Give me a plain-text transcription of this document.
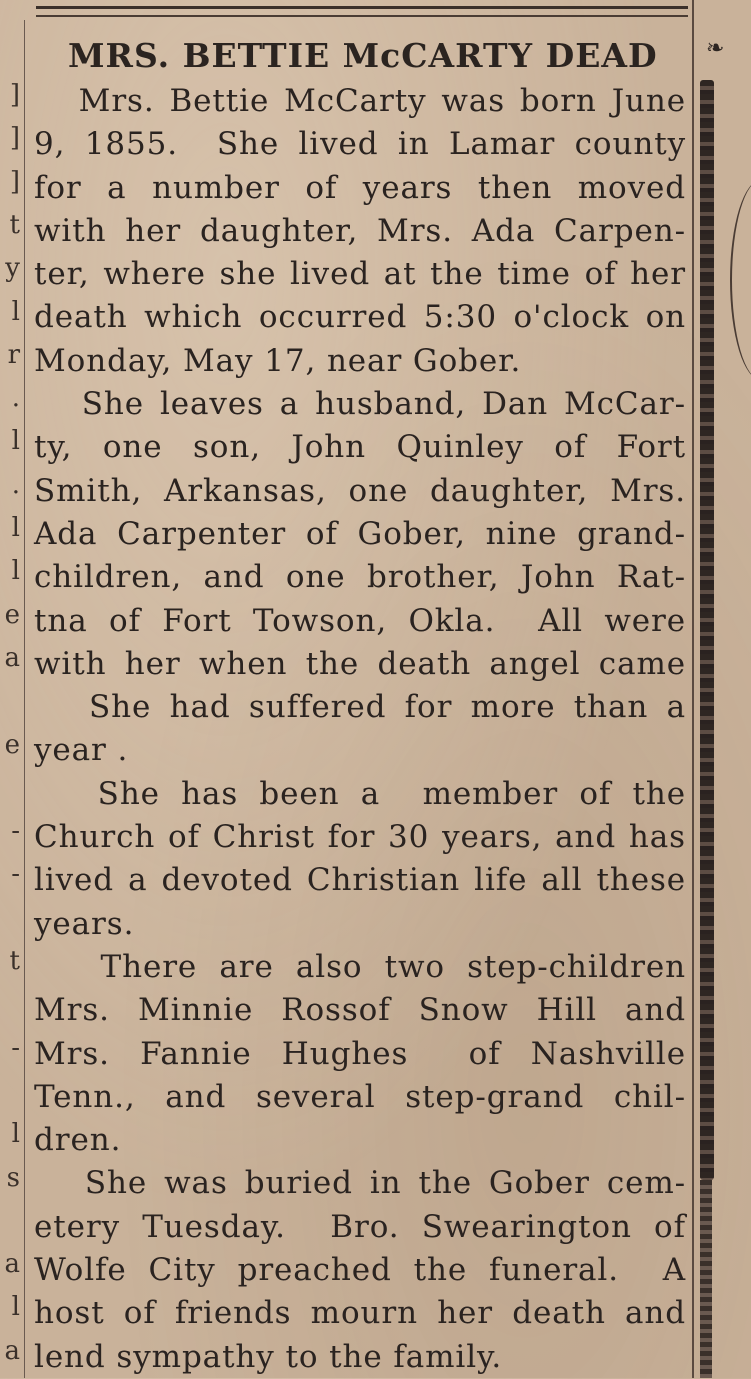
]
]
]
t
y
l
r
.
l
.
l
l
e
a
e
-
-
t
-
l
s
a
l
a
❧
MRS. BETTIE McCARTY DEAD
Mrs. Bettie McCarty was born June
9, 1855.  She lived in Lamar county
for a number of years then moved
with her daughter, Mrs. Ada Carpen-
ter, where she lived at the time of her
death which occurred 5:30 o'clock on
Monday, May 17, near Gober.
She leaves a husband, Dan McCar-
ty, one son, John Quinley of Fort
Smith, Arkansas, one daughter, Mrs.
Ada Carpenter of Gober, nine grand-
children, and one brother, John Rat-
tna of Fort Towson, Okla.  All were
with her when the death angel came
She had suffered for more than a
year .
She has been a  member of the
Church of Christ for 30 years, and has
lived a devoted Christian life all these
years.
There are also two step-children
Mrs. Minnie Rossof Snow Hill and
Mrs. Fannie Hughes  of Nashville
Tenn., and several step-grand chil-
dren.
She was buried in the Gober cem-
etery Tuesday.  Bro. Swearington of
Wolfe City preached the funeral.  A
host of friends mourn her death and
lend sympathy to the family.
